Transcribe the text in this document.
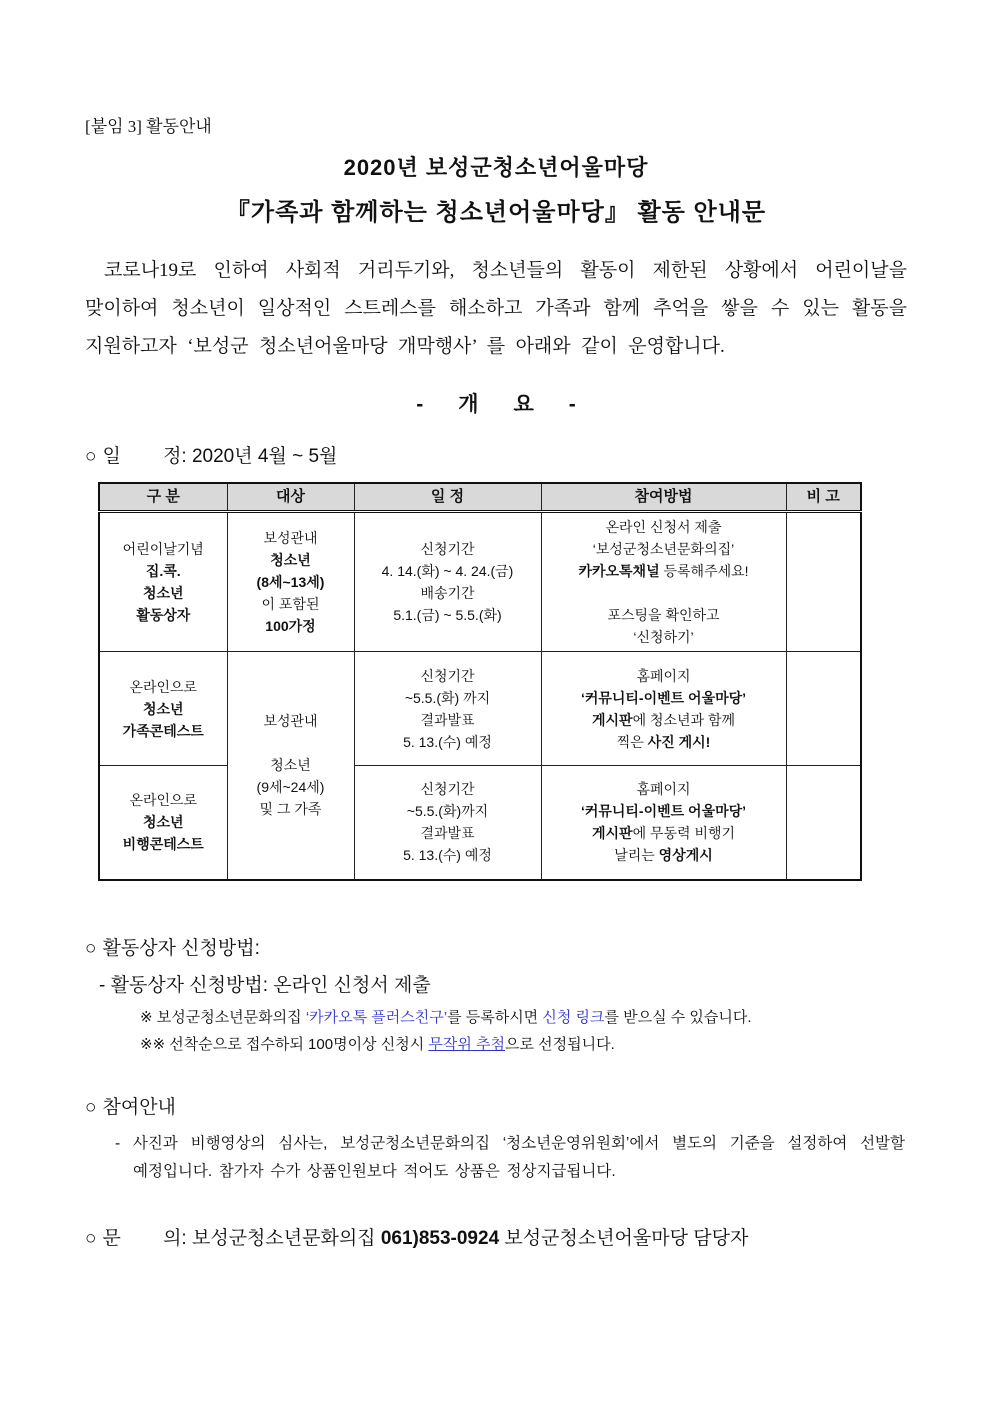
[붙임 3] 활동안내
2020년 보성군청소년어울마당
『가족과 함께하는 청소년어울마당』 활동 안내문
코로나19로 인하여 사회적 거리두기와, 청소년들의 활동이 제한된 상황에서 어린이날을 맞이하여 청소년이 일상적인 스트레스를 해소하고 가족과 함께 추억을 쌓을 수 있는 활동을 지원하고자 ‘보성군 청소년어울마당 개막행사’ 를 아래와 같이 운영합니다.
-      개      요      -
○ 일        정: 2020년 4월 ~ 5월
구 분	대상	일 정	참여방법	비 고
어린이날기념
집.콕.
청소년
활동상자	보성관내
청소년
(8세~13세)
이 포함된
100가정	신청기간
4. 14.(화) ~ 4. 24.(금)
배송기간
5.1.(금) ~ 5.5.(화)	온라인 신청서 제출
‘보성군청소년문화의집’
카카오톡채널 등록해주세요!

포스팅을 확인하고
‘신청하기’	
온라인으로
청소년
가족콘테스트	보성관내

청소년
(9세~24세)
및 그 가족	신청기간
~5.5.(화) 까지
결과발표
5. 13.(수) 예정	홈페이지
‘커뮤니티-이벤트 어울마당’
게시판에 청소년과 함께
찍은 사진 게시!	
온라인으로
청소년
비행콘테스트		신청기간
~5.5.(화)까지
결과발표
5. 13.(수) 예정	홈페이지
‘커뮤니티-이벤트 어울마당’
게시판에 무동력 비행기
날리는 영상게시	
○ 활동상자 신청방법:
- 활동상자 신청방법: 온라인 신청서 제출
※ 보성군청소년문화의집 ‘카카오톡 플러스친구’를 등록하시면 신청 링크를 받으실 수 있습니다.
※※ 선착순으로 접수하되 100명이상 신청시 무작위 추첨으로 선정됩니다.
○ 참여안내
- 사진과 비행영상의 심사는, 보성군청소년문화의집 ‘청소년운영위원회’에서 별도의 기준을 설정하여 선발할 예정입니다. 참가자 수가 상품인원보다 적어도 상품은 정상지급됩니다.
○ 문        의: 보성군청소년문화의집 061)853-0924 보성군청소년어울마당 담당자
